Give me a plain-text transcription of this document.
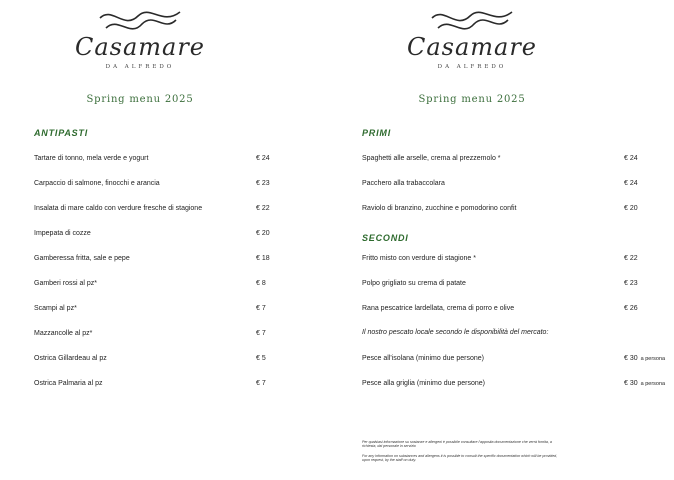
Casamare
DA ALFREDO
Spring menu 2025
ANTIPASTI
Tartare di tonno, mela verde e yogurt	€ 24
Carpaccio di salmone, finocchi e arancia	€ 23
Insalata di mare caldo con verdure fresche di stagione	€ 22
Impepata di cozze	€ 20
Gamberessa fritta, sale e pepe	€ 18
Gamberi rossi al pz*	€ 8
Scampi al pz*	€ 7
Mazzancolle al pz*	€ 7
Ostrica Gillardeau al pz	€ 5
Ostrica Palmaria al pz	€ 7
Casamare
DA ALFREDO
Spring menu 2025
PRIMI
Spaghetti alle arselle, crema al prezzemolo *	€ 24
Pacchero alla trabaccolara	€ 24
Raviolo di branzino, zucchine e pomodorino confit	€ 20
SECONDI
Fritto misto con verdure di stagione *	€ 22
Polpo grigliato su crema di patate	€ 23
Rana pescatrice lardellata, crema di porro e olive	€ 26
Il nostro pescato locale secondo le disponibilità del mercato:
Pesce all'isolana (minimo due persone)	€ 30 a persona
Pesce alla griglia (minimo due persone)	€ 30 a persona
Per qualsiasi informazione su sostanze e allergeni è possibile consultare l'apposita documentazione che verrà fornita, a richiesta, dal personale in servizio
For any information on substances and allergens it is possible to consult the specific documentation which will be provided, upon request, by the staff on duty.
